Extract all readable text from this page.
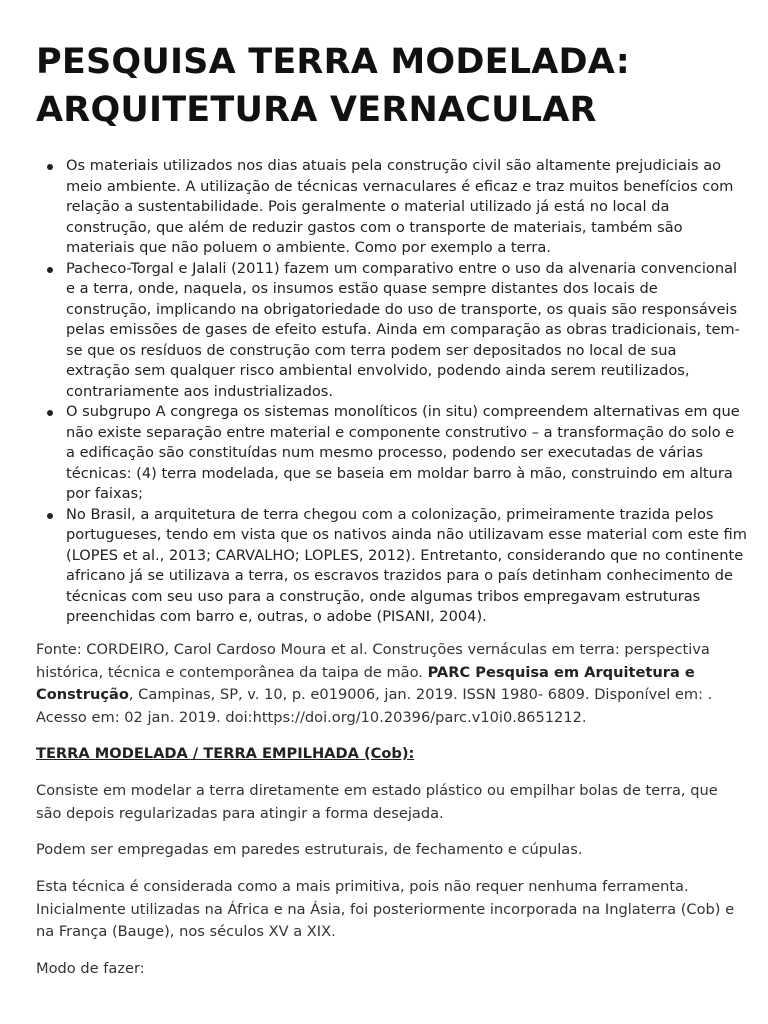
PESQUISA TERRA MODELADA:
ARQUITETURA VERNACULAR
Os materiais utilizados nos dias atuais pela construção civil são altamente prejudiciais ao
meio ambiente. A utilização de técnicas vernaculares é eficaz e traz muitos benefícios com
relação a sustentabilidade. Pois geralmente o material utilizado já está no local da
construção, que além de reduzir gastos com o transporte de materiais, também são
materiais que não poluem o ambiente. Como por exemplo a terra.
Pacheco-Torgal e Jalali (2011) fazem um comparativo entre o uso da alvenaria convencional
e a terra, onde, naquela, os insumos estão quase sempre distantes dos locais de
construção, implicando na obrigatoriedade do uso de transporte, os quais são responsáveis
pelas emissões de gases de efeito estufa. Ainda em comparação as obras tradicionais, tem-
se que os resíduos de construção com terra podem ser depositados no local de sua
extração sem qualquer risco ambiental envolvido, podendo ainda serem reutilizados,
contrariamente aos industrializados.
O subgrupo A congrega os sistemas monolíticos (in situ) compreendem alternativas em que
não existe separação entre material e componente construtivo – a transformação do solo e
a edificação são constituídas num mesmo processo, podendo ser executadas de várias
técnicas: (4) terra modelada, que se baseia em moldar barro à mão, construindo em altura
por faixas;
No Brasil, a arquitetura de terra chegou com a colonização, primeiramente trazida pelos
portugueses, tendo em vista que os nativos ainda não utilizavam esse material com este fim
(LOPES et al., 2013; CARVALHO; LOPLES, 2012). Entretanto, considerando que no continente
africano já se utilizava a terra, os escravos trazidos para o país detinham conhecimento de
técnicas com seu uso para a construção, onde algumas tribos empregavam estruturas
preenchidas com barro e, outras, o adobe (PISANI, 2004).
Fonte: CORDEIRO, Carol Cardoso Moura et al. Construções vernáculas em terra: perspectiva
histórica, técnica e contemporânea da taipa de mão. PARC Pesquisa em Arquitetura e
Construção, Campinas, SP, v. 10, p. e019006, jan. 2019. ISSN 1980- 6809. Disponível em: .
Acesso em: 02 jan. 2019. doi:https://doi.org/10.20396/parc.v10i0.8651212.
TERRA MODELADA / TERRA EMPILHADA (Cob):
Consiste em modelar a terra diretamente em estado plástico ou empilhar bolas de terra, que
são depois regularizadas para atingir a forma desejada.
Podem ser empregadas em paredes estruturais, de fechamento e cúpulas.
Esta técnica é considerada como a mais primitiva, pois não requer nenhuma ferramenta.
Inicialmente utilizadas na África e na Ásia, foi posteriormente incorporada na Inglaterra (Cob) e
na França (Bauge), nos séculos XV a XIX.
Modo de fazer:
